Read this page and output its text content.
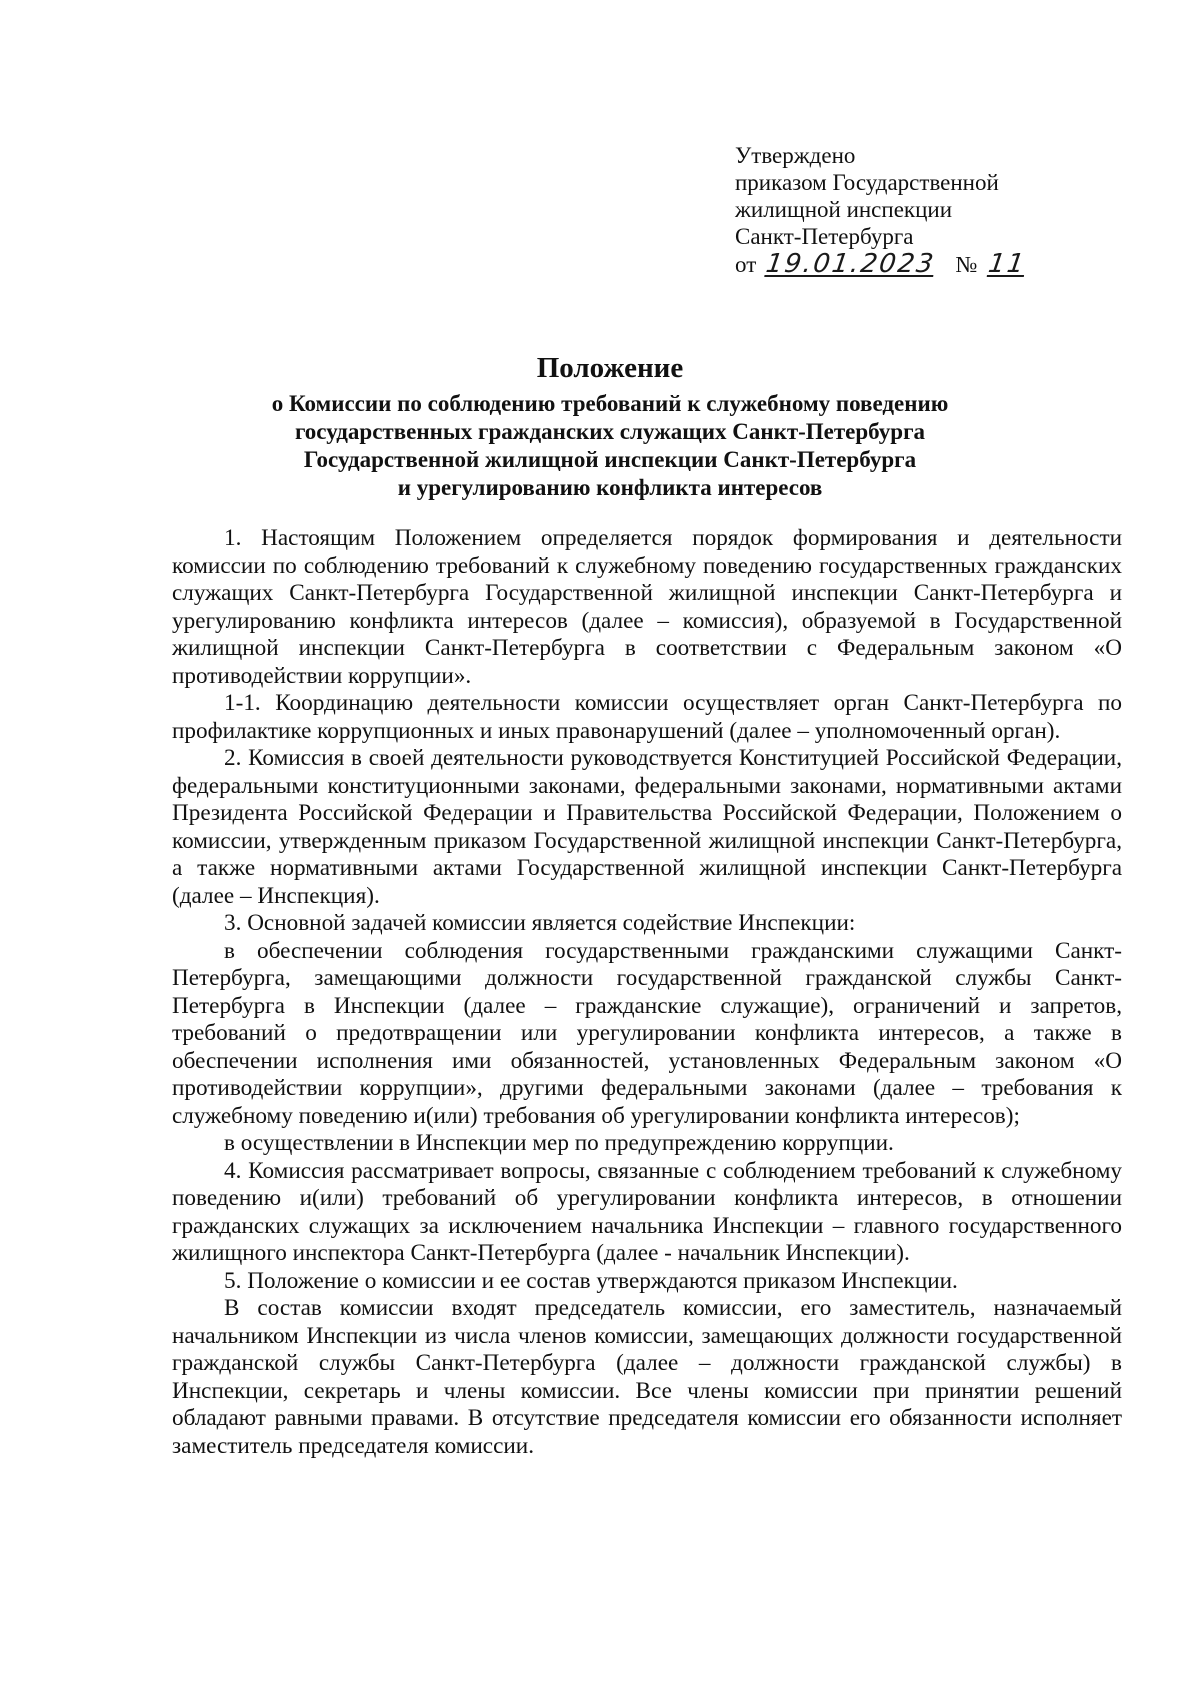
Утверждено
приказом Государственной
жилищной инспекции
Санкт-Петербурга
от 19.01.2023 № 11
Положение
о Комиссии по соблюдению требований к служебному поведению
государственных гражданских служащих Санкт-Петербурга
Государственной жилищной инспекции Санкт-Петербурга
и урегулированию конфликта интересов

1. Настоящим Положением определяется порядок формирования и деятельности комиссии по соблюдению требований к служебному поведению государственных гражданских служащих Санкт-Петербурга Государственной жилищной инспекции Санкт-Петербурга и урегулированию конфликта интересов (далее – комиссия), образуемой в Государственной жилищной инспекции Санкт-Петербурга в соответствии с Федеральным законом «О противодействии коррупции».

1-1. Координацию деятельности комиссии осуществляет орган Санкт-Петербурга по профилактике коррупционных и иных правонарушений (далее – уполномоченный орган).

2. Комиссия в своей деятельности руководствуется Конституцией Российской Федерации, федеральными конституционными законами, федеральными законами, нормативными актами Президента Российской Федерации и Правительства Российской Федерации, Положением о комиссии, утвержденным приказом Государственной жилищной инспекции Санкт-Петербурга, а также нормативными актами Государственной жилищной инспекции Санкт-Петербурга (далее – Инспекция).

3. Основной задачей комиссии является содействие Инспекции:

в обеспечении соблюдения государственными гражданскими служащими Санкт-Петербурга, замещающими должности государственной гражданской службы Санкт-Петербурга в Инспекции (далее – гражданские служащие), ограничений и запретов, требований о предотвращении или урегулировании конфликта интересов, а также в обеспечении исполнения ими обязанностей, установленных Федеральным законом «О противодействии коррупции», другими федеральными законами (далее – требования к служебному поведению и(или) требования об урегулировании конфликта интересов);

в осуществлении в Инспекции мер по предупреждению коррупции.

4. Комиссия рассматривает вопросы, связанные с соблюдением требований к служебному поведению и(или) требований об урегулировании конфликта интересов, в отношении гражданских служащих за исключением начальника Инспекции – главного государственного жилищного инспектора Санкт-Петербурга (далее - начальник Инспекции).

5. Положение о комиссии и ее состав утверждаются приказом Инспекции.

В состав комиссии входят председатель комиссии, его заместитель, назначаемый начальником Инспекции из числа членов комиссии, замещающих должности государственной гражданской службы Санкт-Петербурга (далее – должности гражданской службы) в Инспекции, секретарь и члены комиссии. Все члены комиссии при принятии решений обладают равными правами. В отсутствие председателя комиссии его обязанности исполняет заместитель председателя комиссии.
